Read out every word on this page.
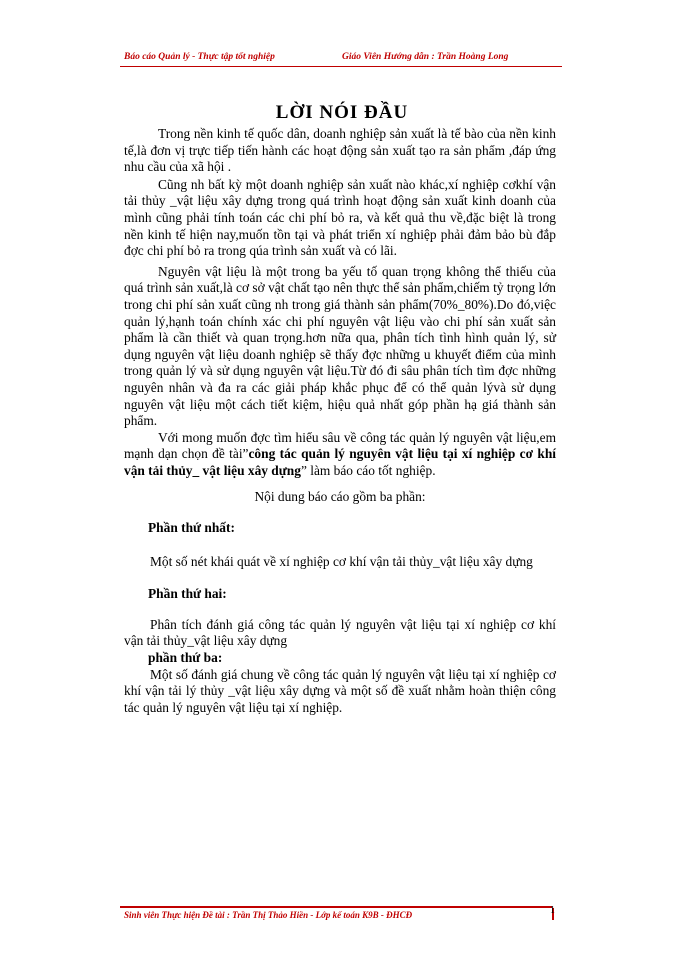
Báo cáo Quản lý - Thực tập tốt nghiệp	Giáo Viên Hướng dẫn : Trần Hoàng Long
LỜI NÓI ĐẦU

Trong nền kinh tế quốc dân, doanh nghiệp sản xuất là tế bào của nền kinh tế,là đơn vị trực tiếp tiến hành các hoạt động sản xuất tạo ra sản phẩm ,đáp ứng nhu cầu của xã hội .

Cũng nh bất kỳ một doanh nghiệp sản xuất nào khác,xí nghiệp cơkhí vận tải thủy _vật liệu xây dựng trong quá trình hoạt động sản xuất kinh doanh của mình cũng phải tính toán các chi phí bỏ ra, và kết quả thu về,đặc biệt là trong nền kinh tế hiện nay,muốn tồn tại và phát triển xí nghiệp phải đảm bảo bù đắp đợc chi phí bỏ ra trong qúa trình sản xuất và có lãi.

Nguyên vật liệu là một trong ba yếu tố quan trọng không thể thiếu của quá trình sản xuất,là cơ sở vật chất tạo nên thực thể sản phẩm,chiếm tỷ trọng lớn trong chi phí sản xuất cũng nh trong giá thành sản phẩm(70%_80%).Do đó,việc quản lý,hạnh toán chính xác chi phí nguyên vật liệu vào chi phí sản xuất sản phẩm là cần thiết và quan trọng.hơn nữa qua, phân tích tình hình quản lý, sử dụng nguyên vật liệu doanh nghiệp sẽ thấy đợc những u khuyết điểm của mình trong quản lý và sử dụng nguyên vật liệu.Từ đó đi sâu phân tích tìm đợc những nguyên nhân và đa ra các giải pháp khắc phục để có thể quản lývà sử dụng nguyên vật liệu một cách tiết kiệm, hiệu quả nhất góp phần hạ giá thành sản phẩm.

Với mong muốn đợc tìm hiểu sâu về công tác quản lý nguyên vật liệu,em mạnh dạn chọn đề tài”công tác quản lý nguyên vật liệu tại xí nghiệp cơ khí vận tải thủy_ vật liệu xây dựng” làm báo cáo tốt nghiệp.

Nội dung báo cáo gồm ba phần:

Phần thứ nhất:

Một số nét khái quát về xí nghiệp cơ khí vận tải thủy_vật liệu xây dựng

Phần thứ hai:

Phân tích đánh giá công tác quản lý nguyên vật liệu tại xí nghiệp cơ khí vận tải thủy_vật liệu xây dựng

phần thứ ba:

Một số đánh giá chung về công tác quản lý nguyên vật liệu tại xí nghiệp cơ khí vận tải lý thủy _vật liệu xây dựng và một số đề xuất nhằm hoàn thiện công tác quản lý nguyên vật liệu tại xí nghiệp.

Sinh viên Thực hiện Đề tài : Trần Thị Thảo Hiền - Lớp kế toán K9B - ĐHCĐ	1
